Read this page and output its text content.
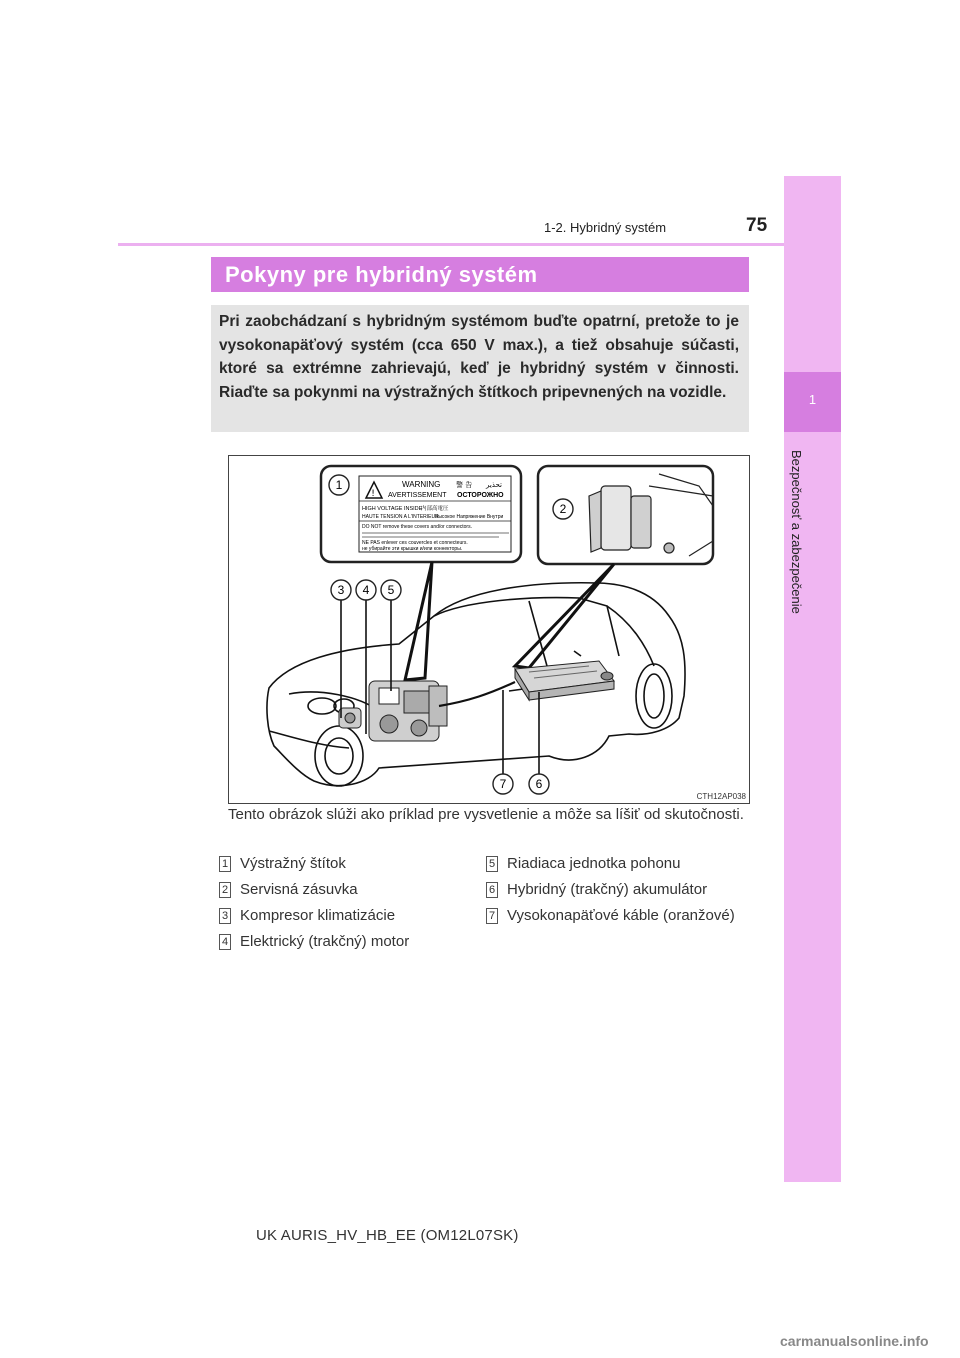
1
Bezpečnosť a zabezpečenie
1-2. Hybridný systém	75
Pokyny pre hybridný systém
Pri zaobchádzaní s hybridným systémom buďte opatrní, pretože to je vysokonapäťový systém (cca 650 V max.), a tiež obsahuje súčasti, ktoré sa extrémne zahrievajú, keď je hybridný systém v činnosti. Riaďte sa pokynmi na výstražných štítkoch pripevnených na vozidle.
!
WARNING 警 告 تحذير
AVERTISSEMENT ОСТОРОЖНО
HIGH VOLTAGE INSIDE
内部高電圧
HAUTE TENSION A L'INTERIEUR
Высокое Напряжение Внутри
DO NOT remove these covers and/or connectors.
NE PAS enlever ces couvercles et connecteurs.
не убирайте эти крышки и/или коннекторы.
1
2
3 4 5
6
7
CTH12AP038
Tento obrázok slúži ako príklad pre vysvetlenie a môže sa líšiť od skutočnosti.
1 Výstražný štítok
2 Servisná zásuvka
3 Kompresor klimatizácie
4 Elektrický (trakčný) motor
5 Riadiaca jednotka pohonu
6 Hybridný (trakčný) akumulátor
7 Vysokonapäťové káble (oranžové)
UK AURIS_HV_HB_EE (OM12L07SK)
carmanualsonline.info
